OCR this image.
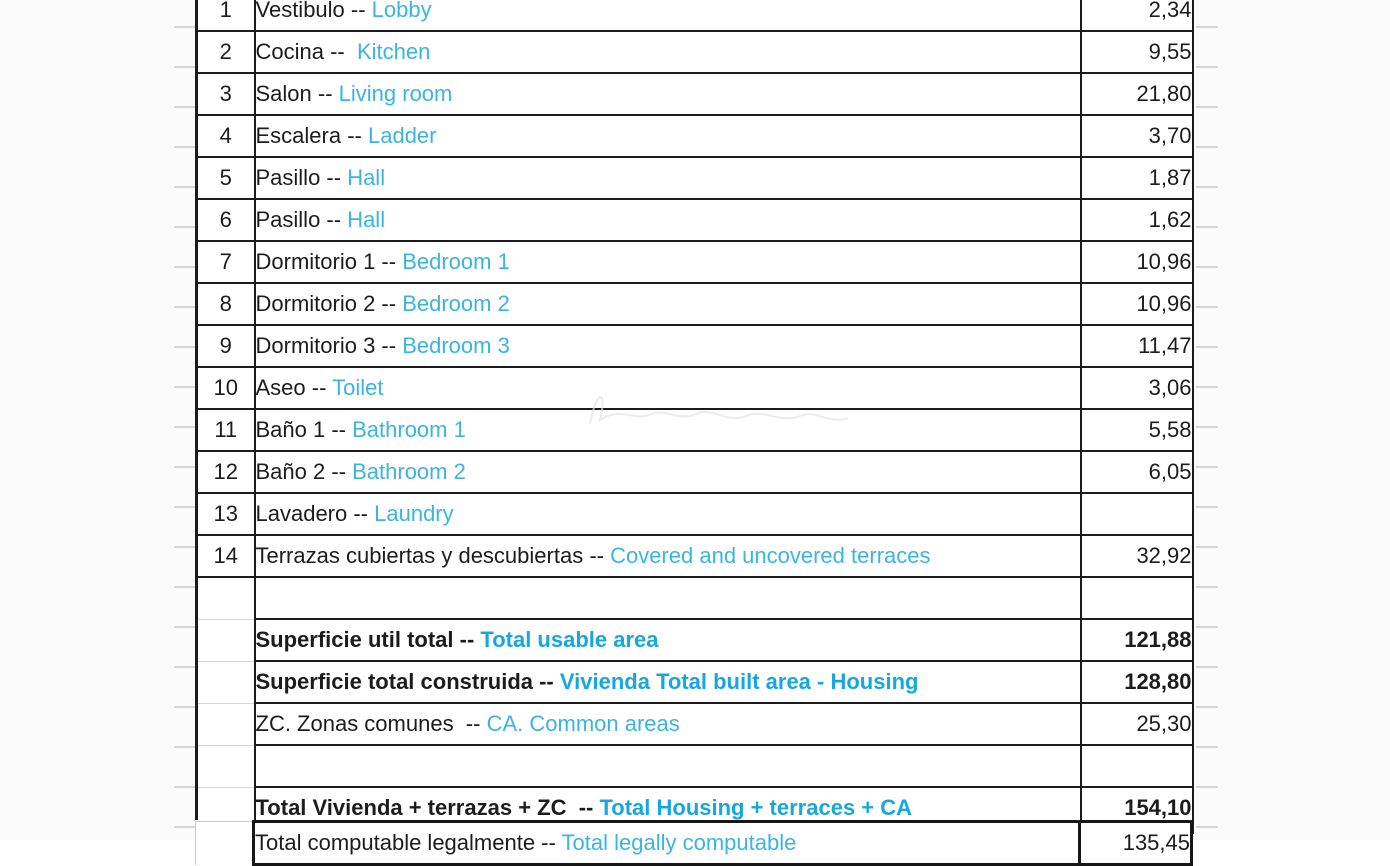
1	Vestibulo -- Lobby	2,34
2	Cocina --  Kitchen	9,55
3	Salon -- Living room	21,80
4	Escalera -- Ladder	3,70
5	Pasillo -- Hall	1,87
6	Pasillo -- Hall	1,62
7	Dormitorio 1 -- Bedroom 1	10,96
8	Dormitorio 2 -- Bedroom 2	10,96
9	Dormitorio 3 -- Bedroom 3	11,47
10	Aseo -- Toilet	3,06
11	Baño 1 -- Bathroom 1	5,58
12	Baño 2 -- Bathroom 2	6,05
13	Lavadero -- Laundry	
14	Terrazas cubiertas y descubiertas -- Covered and uncovered terraces	32,92

	Superficie util total -- Total usable area	121,88
	Superficie total construida -- Vivienda Total built area - Housing	128,80
	ZC. Zonas comunes  -- CA. Common areas	25,30

	Total Vivienda + terrazas + ZC  -- Total Housing + terraces + CA	154,10
	Total computable legalmente -- Total legally computable	135,45
